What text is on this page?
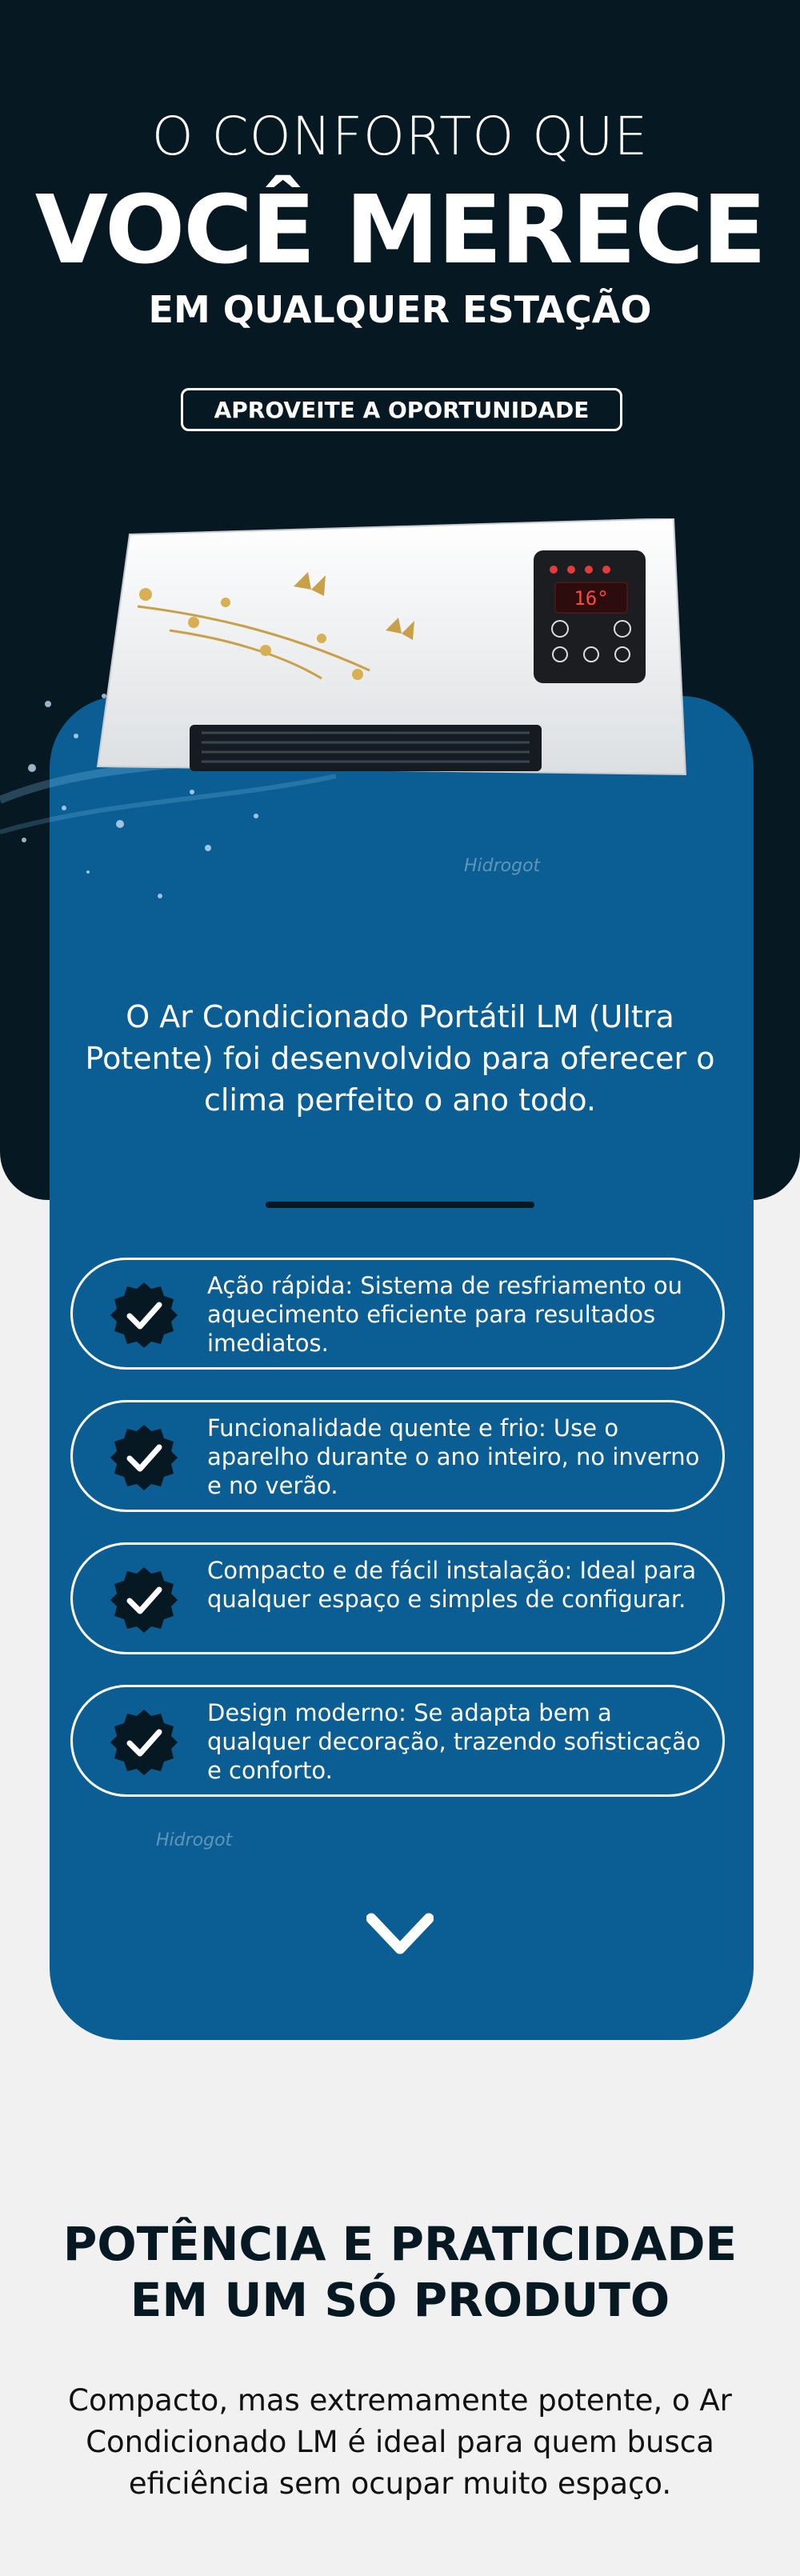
O CONFORTO QUE
VOCÊ MERECE
EM QUALQUER ESTAÇÃO
APROVEITE A OPORTUNIDADE
16°
Hidrogot
O Ar Condicionado Portátil LM (Ultra Potente) foi desenvolvido para oferecer o clima perfeito o ano todo.
Ação rápida: Sistema de resfriamento ou aquecimento eficiente para resultados imediatos.
Funcionalidade quente e frio: Use o aparelho durante o ano inteiro, no inverno e no verão.
Compacto e de fácil instalação: Ideal para qualquer espaço e simples de configurar.
Design moderno: Se adapta bem a qualquer decoração, trazendo sofisticação e conforto.
Hidrogot
POTÊNCIA E PRATICIDADE
EM UM SÓ PRODUTO
Compacto, mas extremamente potente, o Ar Condicionado LM é ideal para quem busca eficiência sem ocupar muito espaço.
